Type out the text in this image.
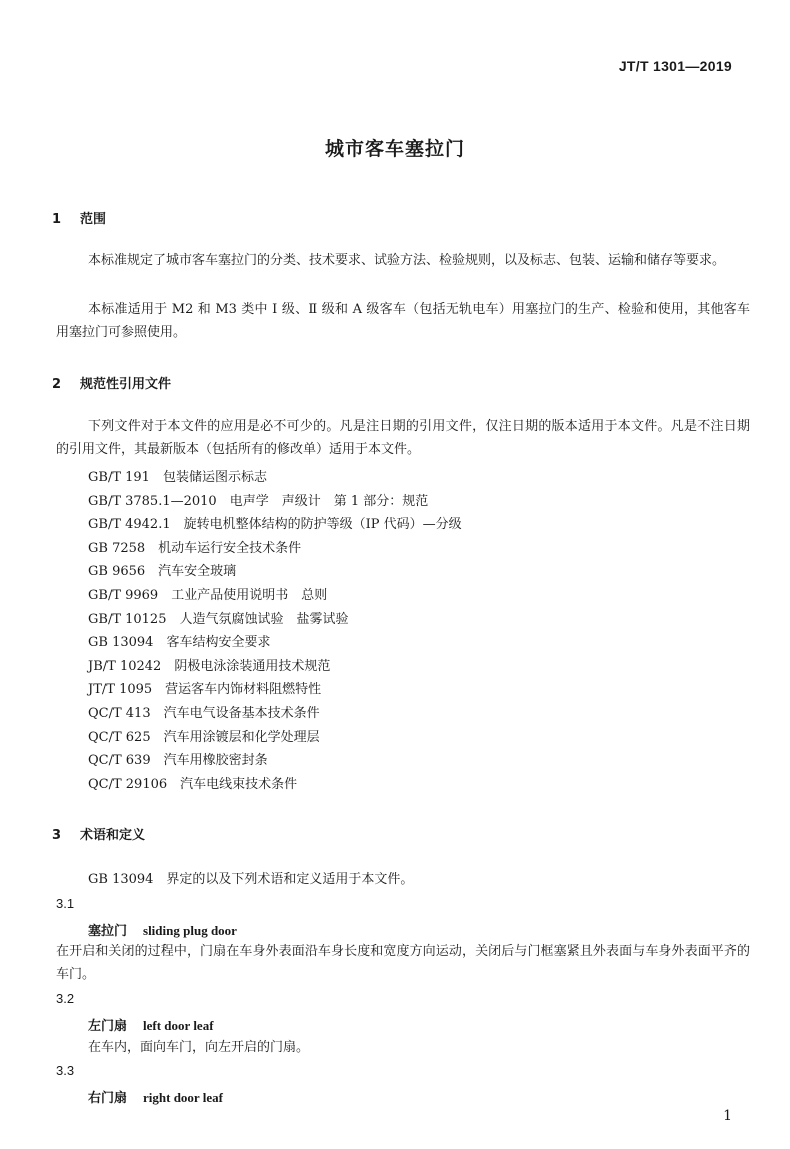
JT/T 1301—2019
城市客车塞拉门
1 范围
本标准规定了城市客车塞拉门的分类、技术要求、试验方法、检验规则，以及标志、包装、运输和储存等要求。
本标准适用于 M2 和 M3 类中 Ⅰ 级、Ⅱ 级和 A 级客车（包括无轨电车）用塞拉门的生产、检验和使用，其他客车用塞拉门可参照使用。
2 规范性引用文件
下列文件对于本文件的应用是必不可少的。凡是注日期的引用文件，仅注日期的版本适用于本文件。凡是不注日期的引用文件，其最新版本（包括所有的修改单）适用于本文件。
GB/T 191　 包装储运图示标志
GB/T 3785.1—2010　 电声学　声级计　第 1 部分：规范
GB/T 4942.1　 旋转电机整体结构的防护等级（IP 代码）—分级
GB 7258　 机动车运行安全技术条件
GB 9656　 汽车安全玻璃
GB/T 9969　 工业产品使用说明书　总则
GB/T 10125　 人造气氛腐蚀试验　盐雾试验
GB 13094　 客车结构安全要求
JB/T 10242　 阴极电泳涂装通用技术规范
JT/T 1095　 营运客车内饰材料阻燃特性
QC/T 413　 汽车电气设备基本技术条件
QC/T 625　 汽车用涂镀层和化学处理层
QC/T 639　 汽车用橡胶密封条
QC/T 29106　 汽车电线束技术条件
3 术语和定义
GB 13094　界定的以及下列术语和定义适用于本文件。
3.1
塞拉门 sliding plug door
在开启和关闭的过程中，门扇在车身外表面沿车身长度和宽度方向运动，关闭后与门框塞紧且外表面与车身外表面平齐的车门。
3.2
左门扇 left door leaf
在车内，面向车门，向左开启的门扇。
3.3
右门扇 right door leaf
1
